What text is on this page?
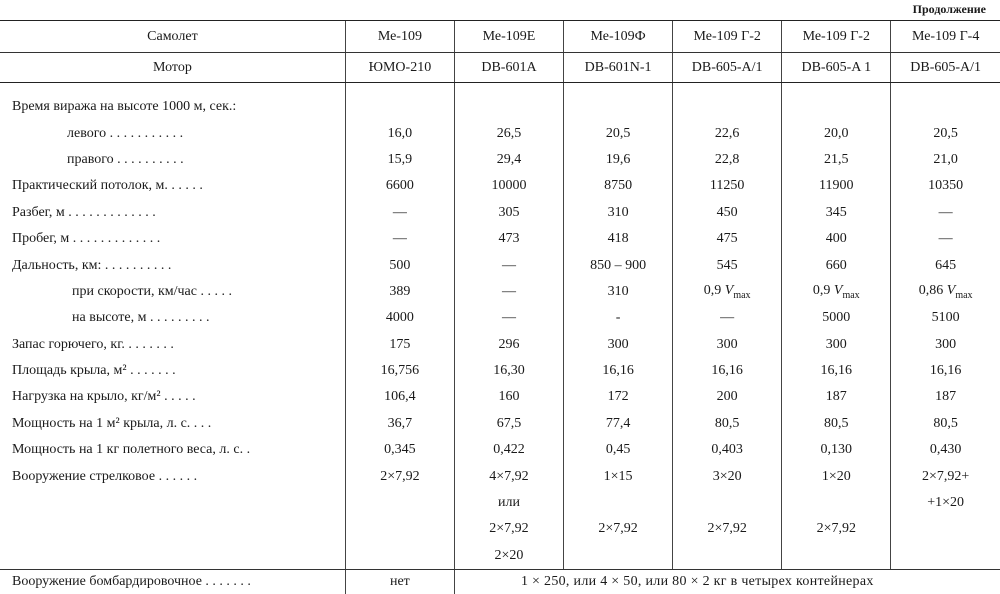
Продолжение
Самолет	Ме-109	Ме-109Е	Ме-109Ф	Ме-109 Г-2	Ме-109 Г-2	Ме-109 Г-4
Мотор	ЮМО-210	DB-601A	DB-601N-1	DB-605-A/1	DB-605-A 1	DB-605-A/1

Время виража на высоте 1000 м, сек.:						
левого . . . . . . . . . . .	16,0	26,5	20,5	22,6	20,0	20,5
правого . . . . . . . . . .	15,9	29,4	19,6	22,8	21,5	21,0
Практический потолок, м. . . . . .	6600	10000	8750	11250	11900	10350
Разбег, м . . . . . . . . . . . . .	—	305	310	450	345	—
Пробег, м . . . . . . . . . . . . .	—	473	418	475	400	—
Дальность, км: . . . . . . . . . .	500	—	850 – 900	545	660	645
при скорости, км/час . . . . .	389	—	310	0,9 $V_{max}$	0,9 $V_{max}$	0,86 $V_{max}$
на высоте, м . . . . . . . . .	4000	—	-	—	5000	5100
Запас горючего, кг. . . . . . . .	175	296	300	300	300	300
Площадь крыла, м² . . . . . . .	16,756	16,30	16,16	16,16	16,16	16,16
Нагрузка на крыло, кг/м² . . . . .	106,4	160	172	200	187	187
Мощность на 1 м² крыла, л. с. . . .	36,7	67,5	77,4	80,5	80,5	80,5
Мощность на 1 кг полетного веса, л. с. .	0,345	0,422	0,45	0,403	0,130	0,430
Вооружение стрелковое . . . . . .	2×7,92	4×7,92	1×15	3×20	1×20	2×7,92+
		или				+1×20
		2×7,92	2×7,92	2×7,92	2×7,92	
		2×20				
Вооружение бомбардировочное . . . . . . .	нет	1 × 250, или 4 × 50, или 80 × 2 кг в четырех контейнерах				
